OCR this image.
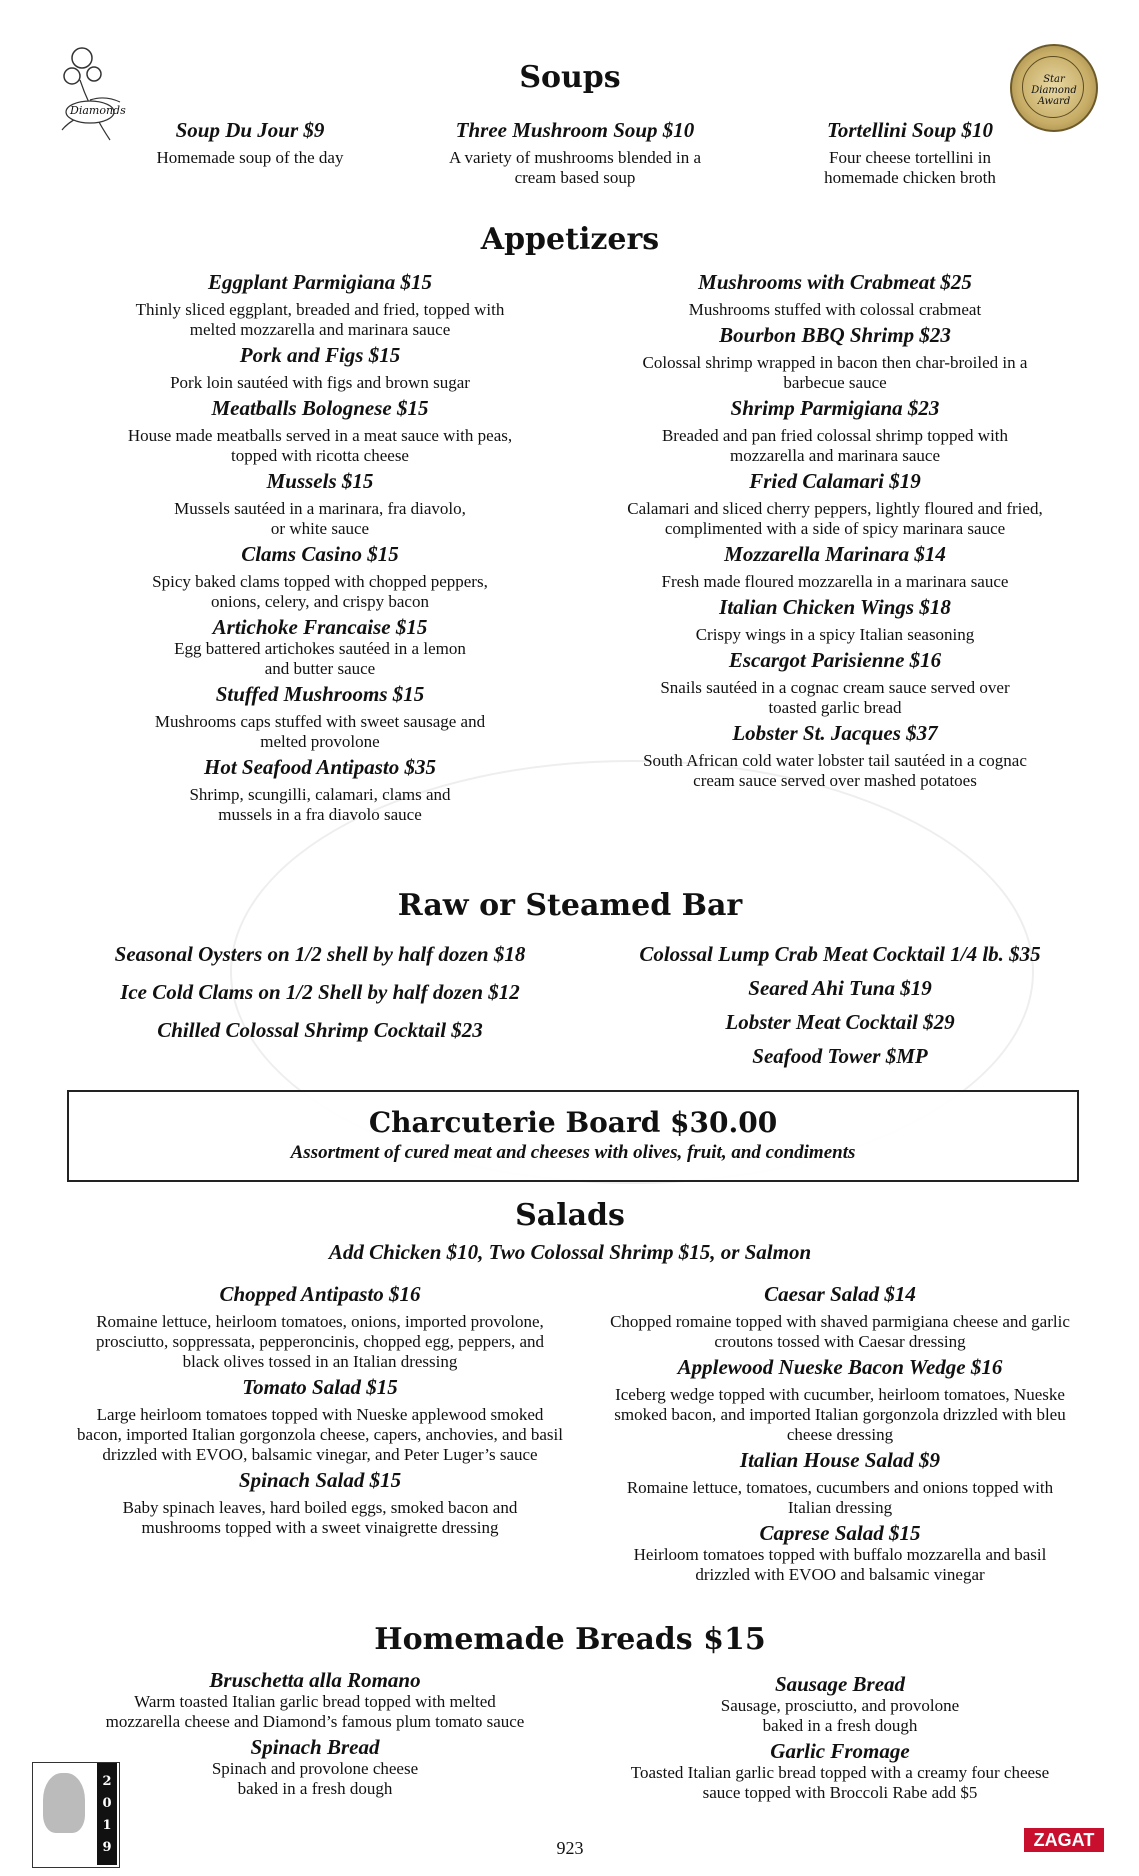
Diamonds
Star Diamond Award
Soups
Soup Du Jour $9
Homemade soup of the day
Three Mushroom Soup $10
A variety of mushrooms blended in a cream based soup
Tortellini Soup $10
Four cheese tortellini in homemade chicken broth
Appetizers
Eggplant Parmigiana $15
Thinly sliced eggplant, breaded and fried, topped with melted mozzarella and marinara sauce
Pork and Figs $15
Pork loin sautéed with figs and brown sugar
Meatballs Bolognese $15
House made meatballs served in a meat sauce with peas, topped with ricotta cheese
Mussels $15
Mussels sautéed in a marinara, fra diavolo, or white sauce
Clams Casino $15
Spicy baked clams topped with chopped peppers, onions, celery, and crispy bacon
Artichoke Francaise $15
Egg battered artichokes sautéed in a lemon and butter sauce
Stuffed Mushrooms $15
Mushrooms caps stuffed with sweet sausage and melted provolone
Hot Seafood Antipasto $35
Shrimp, scungilli, calamari, clams and mussels in a fra diavolo sauce
Mushrooms with Crabmeat $25
Mushrooms stuffed with colossal crabmeat
Bourbon BBQ Shrimp $23
Colossal shrimp wrapped in bacon then char-broiled in a barbecue sauce
Shrimp Parmigiana $23
Breaded and pan fried colossal shrimp topped with mozzarella and marinara sauce
Fried Calamari $19
Calamari and sliced cherry peppers, lightly floured and fried, complimented with a side of spicy marinara sauce
Mozzarella Marinara $14
Fresh made floured mozzarella in a marinara sauce
Italian Chicken Wings $18
Crispy wings in a spicy Italian seasoning
Escargot Parisienne $16
Snails sautéed in a cognac cream sauce served over toasted garlic bread
Lobster St. Jacques $37
South African cold water lobster tail sautéed in a cognac cream sauce served over mashed potatoes
Raw or Steamed Bar
Seasonal Oysters on 1/2 shell by half dozen $18
Ice Cold Clams on 1/2 Shell by half dozen $12
Chilled Colossal Shrimp Cocktail $23
Colossal Lump Crab Meat Cocktail 1/4 lb. $35
Seared Ahi Tuna $19
Lobster Meat Cocktail $29
Seafood Tower $MP
Charcuterie Board $30.00
Assortment of cured meat and cheeses with olives, fruit, and condiments
Salads
Add Chicken $10, Two Colossal Shrimp $15, or Salmon
Chopped Antipasto $16
Romaine lettuce, heirloom tomatoes, onions, imported provolone, prosciutto, soppressata, pepperoncinis, chopped egg, peppers, and black olives tossed in an Italian dressing
Tomato Salad $15
Large heirloom tomatoes topped with Nueske applewood smoked bacon, imported Italian gorgonzola cheese, capers, anchovies, and basil drizzled with EVOO, balsamic vinegar, and Peter Luger’s sauce
Spinach Salad $15
Baby spinach leaves, hard boiled eggs, smoked bacon and mushrooms topped with a sweet vinaigrette dressing
Caesar Salad $14
Chopped romaine topped with shaved parmigiana cheese and garlic croutons tossed with Caesar dressing
Applewood Nueske Bacon Wedge $16
Iceberg wedge topped with cucumber, heirloom tomatoes, Nueske smoked bacon, and imported Italian gorgonzola drizzled with bleu cheese dressing
Italian House Salad $9
Romaine lettuce, tomatoes, cucumbers and onions topped with Italian dressing
Caprese Salad $15
Heirloom tomatoes topped with buffalo mozzarella and basil drizzled with EVOO and balsamic vinegar
Homemade Breads $15
Bruschetta alla Romano
Warm toasted Italian garlic bread topped with melted mozzarella cheese and Diamond’s famous plum tomato sauce
Spinach Bread
Spinach and provolone cheese baked in a fresh dough
Sausage Bread
Sausage, prosciutto, and provolone baked in a fresh dough
Garlic Fromage
Toasted Italian garlic bread topped with a creamy four cheese sauce topped with Broccoli Rabe add $5
2019	923	ZAGAT
